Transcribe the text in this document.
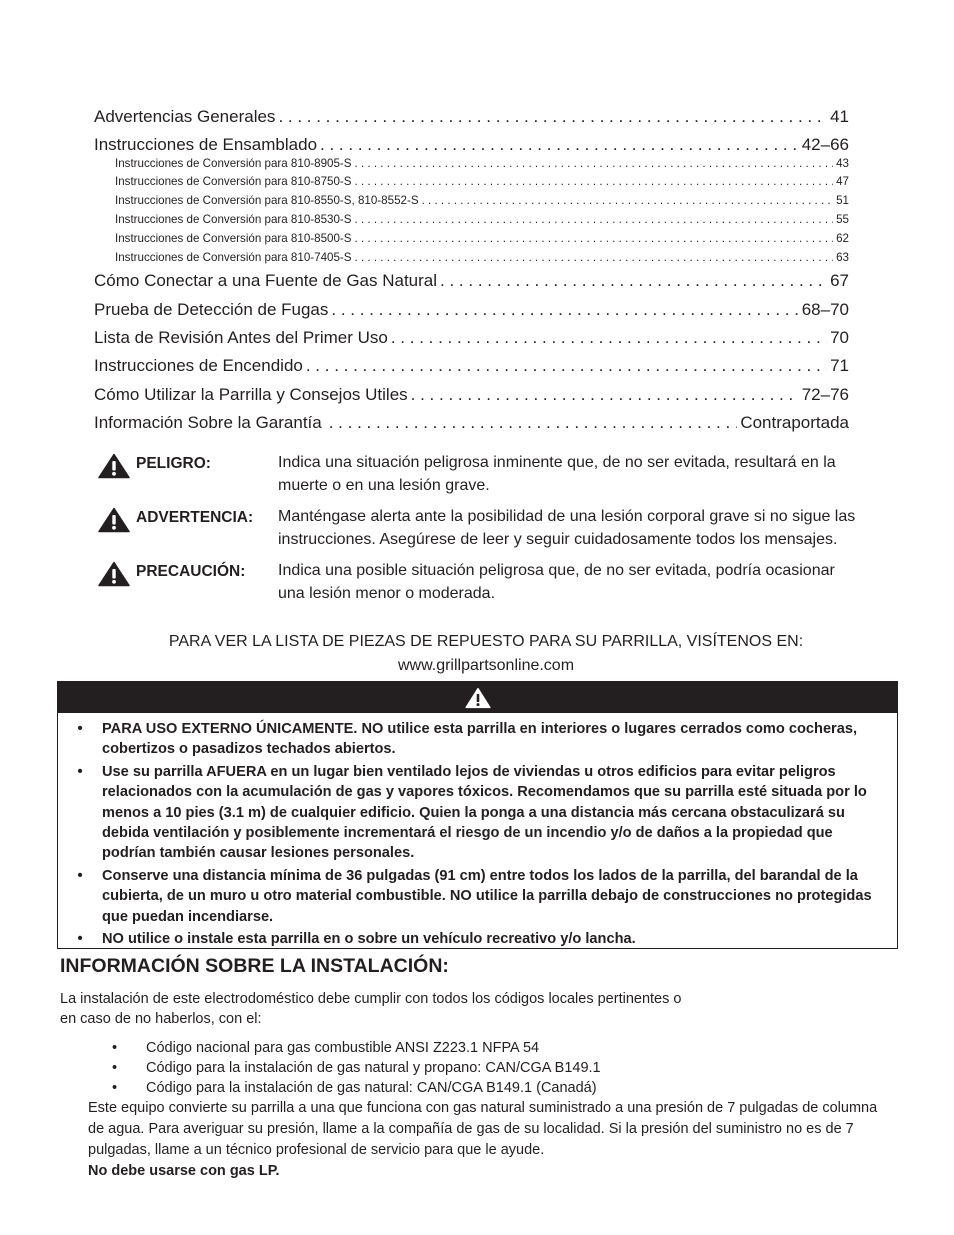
Advertencias Generales . . .	41
Instrucciones de Ensamblado . . .	42–66
Instrucciones de Conversión para 810-8905-S . . .	43
Instrucciones de Conversión para 810-8750-S . . .	47
Instrucciones de Conversión para 810-8550-S, 810-8552-S . . .	51
Instrucciones de Conversión para 810-8530-S . . .	55
Instrucciones de Conversión para 810-8500-S . . .	62
Instrucciones de Conversión para 810-7405-S . . .	63
Cómo Conectar a una Fuente de Gas Natural . . .	67
Prueba de Detección de Fugas . . .	68–70
Lista de Revisión Antes del Primer Uso . . .	70
Instrucciones de Encendido . . .	71
Cómo Utilizar la Parrilla y Consejos Utiles . . .	72–76
Información Sobre la Garantía . . .	Contraportada
PELIGRO:	Indica una situación peligrosa inminente que, de no ser evitada, resultará en la muerte o en una lesión grave.
ADVERTENCIA:	Manténgase alerta ante la posibilidad de una lesión corporal grave si no sigue las instrucciones. Asegúrese de leer y seguir cuidadosamente todos los mensajes.
PRECAUCIÓN:	Indica una posible situación peligrosa que, de no ser evitada, podría ocasionar una lesión menor o moderada.
PARA VER LA LISTA DE PIEZAS DE REPUESTO PARA SU PARRILLA, VISÍTENOS EN:
www.grillpartsonline.com
•	PARA USO EXTERNO ÚNICAMENTE. NO utilice esta parrilla en interiores o lugares cerrados como cocheras, cobertizos o pasadizos techados abiertos.
•	Use su parrilla AFUERA en un lugar bien ventilado lejos de viviendas u otros edificios para evitar peligros relacionados con la acumulación de gas y vapores tóxicos. Recomendamos que su parrilla esté situada por lo menos a 10 pies (3.1 m) de cualquier edificio. Quien la ponga a una distancia más cercana obstaculizará su debida ventilación y posiblemente incrementará el riesgo de un incendio y/o de daños a la propiedad que podrían también causar lesiones personales.
•	Conserve una distancia mínima de 36 pulgadas (91 cm) entre todos los lados de la parrilla, del barandal de la cubierta, de un muro u otro material combustible. NO utilice la parrilla debajo de construcciones no protegidas que puedan incendiarse.
•	NO utilice o instale esta parrilla en o sobre un vehículo recreativo y/o lancha.
INFORMACIÓN SOBRE LA INSTALACIÓN:

La instalación de este electrodoméstico debe cumplir con todos los códigos locales pertinentes o en caso de no haberlos, con el:

•	Código nacional para gas combustible ANSI Z223.1 NFPA 54
•	Código para la instalación de gas natural y propano: CAN/CGA B149.1
•	Código para la instalación de gas natural: CAN/CGA B149.1 (Canadá)

Este equipo convierte su parrilla a una que funciona con gas natural suministrado a una presión de 7 pulgadas de columna de agua. Para averiguar su presión, llame a la compañía de gas de su localidad. Si la presión del suministro no es de 7 pulgadas, llame a un técnico profesional de servicio para que le ayude.
No debe usarse con gas LP.
